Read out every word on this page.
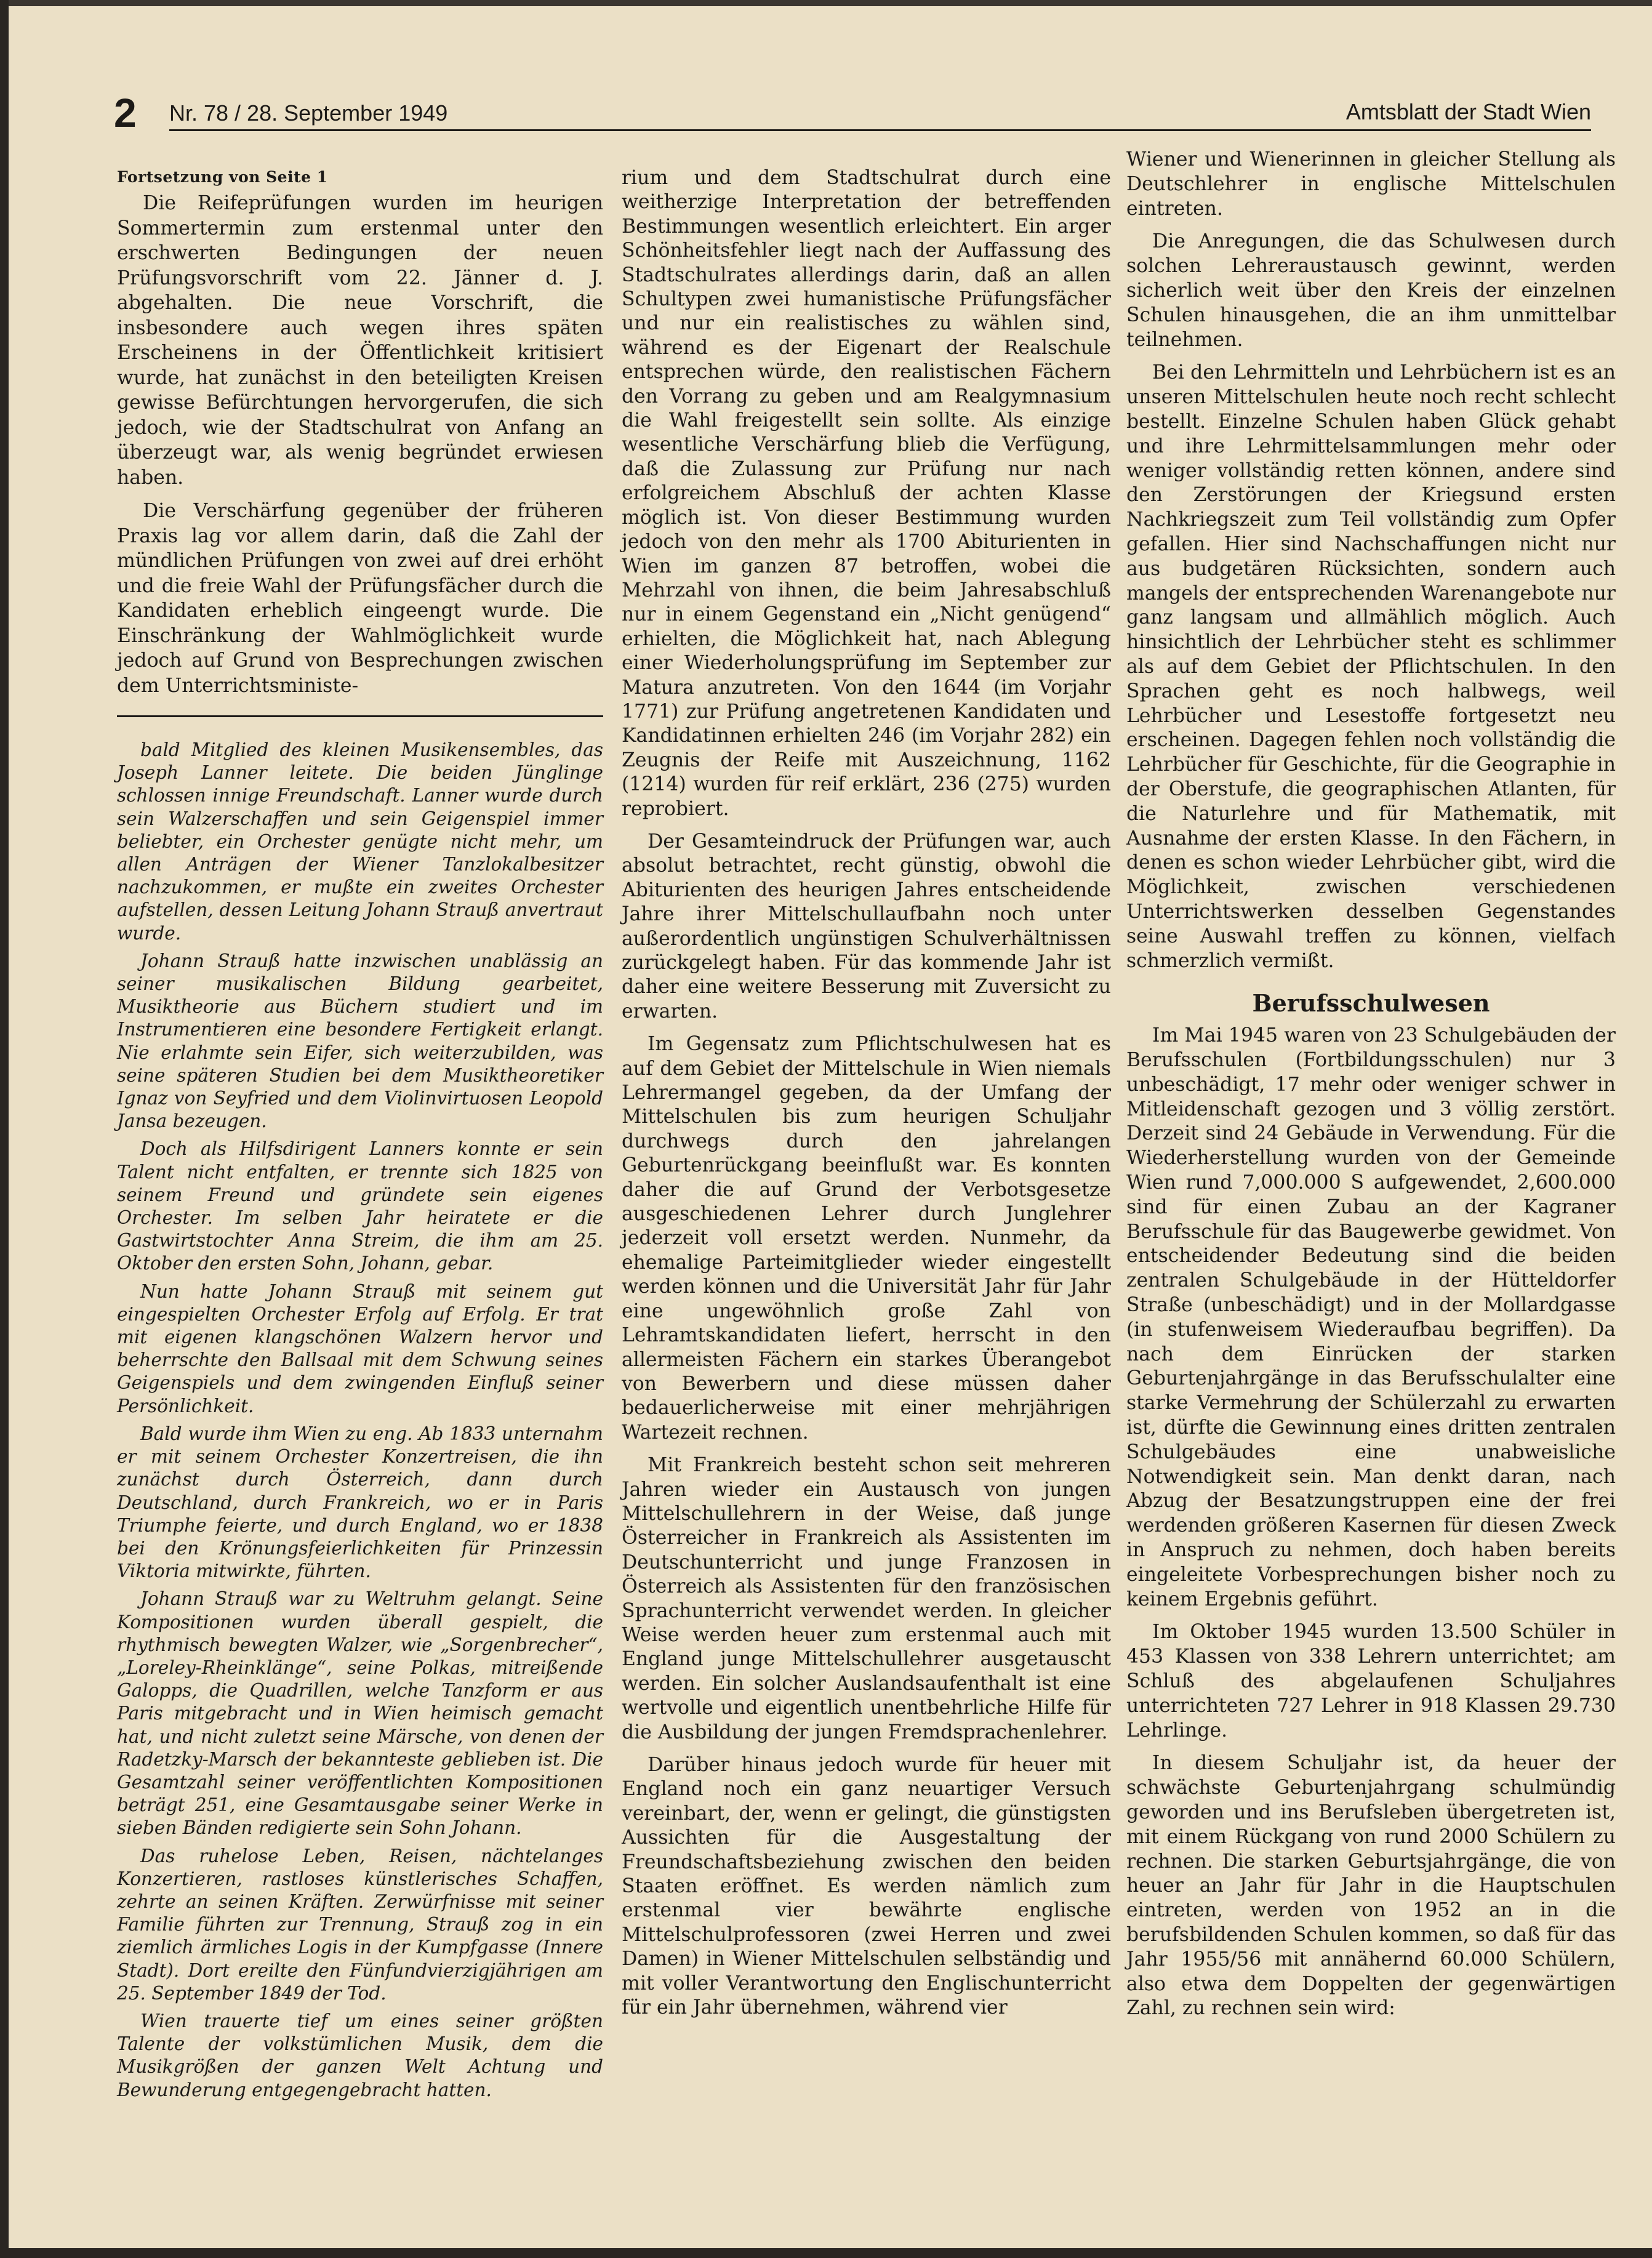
2 Nr. 78 / 28. September 1949	Amtsblatt der Stadt Wien
Fortsetzung von Seite 1

Die Reifeprüfungen wurden im heurigen Sommertermin zum erstenmal unter den erschwerten Bedingungen der neuen Prüfungsvorschrift vom 22. Jänner d. J. abgehalten. Die neue Vorschrift, die insbesondere auch wegen ihres späten Erscheinens in der Öffentlichkeit kritisiert wurde, hat zunächst in den beteiligten Kreisen gewisse Befürchtungen hervorgerufen, die sich jedoch, wie der Stadtschulrat von Anfang an überzeugt war, als wenig begründet erwiesen haben.

Die Verschärfung gegenüber der früheren Praxis lag vor allem darin, daß die Zahl der mündlichen Prüfungen von zwei auf drei erhöht und die freie Wahl der Prüfungsfächer durch die Kandidaten erheblich eingeengt wurde. Die Einschränkung der Wahlmöglichkeit wurde jedoch auf Grund von Besprechungen zwischen dem Unterrichtsministe-

bald Mitglied des kleinen Musikensembles, das Joseph Lanner leitete. Die beiden Jünglinge schlossen innige Freundschaft. Lanner wurde durch sein Walzerschaffen und sein Geigenspiel immer beliebter, ein Orchester genügte nicht mehr, um allen Anträgen der Wiener Tanzlokalbesitzer nachzukommen, er mußte ein zweites Orchester aufstellen, dessen Leitung Johann Strauß anvertraut wurde.

Johann Strauß hatte inzwischen unablässig an seiner musikalischen Bildung gearbeitet, Musiktheorie aus Büchern studiert und im Instrumentieren eine besondere Fertigkeit erlangt. Nie erlahmte sein Eifer, sich weiterzubilden, was seine späteren Studien bei dem Musiktheoretiker Ignaz von Seyfried und dem Violinvirtuosen Leopold Jansa bezeugen.

Doch als Hilfsdirigent Lanners konnte er sein Talent nicht entfalten, er trennte sich 1825 von seinem Freund und gründete sein eigenes Orchester. Im selben Jahr heiratete er die Gastwirtstochter Anna Streim, die ihm am 25. Oktober den ersten Sohn, Johann, gebar.

Nun hatte Johann Strauß mit seinem gut eingespielten Orchester Erfolg auf Erfolg. Er trat mit eigenen klangschönen Walzern hervor und beherrschte den Ballsaal mit dem Schwung seines Geigenspiels und dem zwingenden Einfluß seiner Persönlichkeit.

Bald wurde ihm Wien zu eng. Ab 1833 unternahm er mit seinem Orchester Konzertreisen, die ihn zunächst durch Österreich, dann durch Deutschland, durch Frankreich, wo er in Paris Triumphe feierte, und durch England, wo er 1838 bei den Krönungsfeierlichkeiten für Prinzessin Viktoria mitwirkte, führten.

Johann Strauß war zu Weltruhm gelangt. Seine Kompositionen wurden überall gespielt, die rhythmisch bewegten Walzer, wie „Sorgenbrecher“, „Loreley-Rheinklänge“, seine Polkas, mitreißende Galopps, die Quadrillen, welche Tanzform er aus Paris mitgebracht und in Wien heimisch gemacht hat, und nicht zuletzt seine Märsche, von denen der Radetzky-Marsch der bekannteste geblieben ist. Die Gesamtzahl seiner veröffentlichten Kompositionen beträgt 251, eine Gesamtausgabe seiner Werke in sieben Bänden redigierte sein Sohn Johann.

Das ruhelose Leben, Reisen, nächtelanges Konzertieren, rastloses künstlerisches Schaffen, zehrte an seinen Kräften. Zerwürfnisse mit seiner Familie führten zur Trennung, Strauß zog in ein ziemlich ärmliches Logis in der Kumpfgasse (Innere Stadt). Dort ereilte den Fünfundvierzigjährigen am 25. September 1849 der Tod.

Wien trauerte tief um eines seiner größten Talente der volkstümlichen Musik, dem die Musikgrößen der ganzen Welt Achtung und Bewunderung entgegengebracht hatten.

rium und dem Stadtschulrat durch eine weitherzige Interpretation der betreffenden Bestimmungen wesentlich erleichtert. Ein arger Schönheitsfehler liegt nach der Auffassung des Stadtschulrates allerdings darin, daß an allen Schultypen zwei humanistische Prüfungsfächer und nur ein realistisches zu wählen sind, während es der Eigenart der Realschule entsprechen würde, den realistischen Fächern den Vorrang zu geben und am Realgymnasium die Wahl freigestellt sein sollte. Als einzige wesentliche Verschärfung blieb die Verfügung, daß die Zulassung zur Prüfung nur nach erfolgreichem Abschluß der achten Klasse möglich ist. Von dieser Bestimmung wurden jedoch von den mehr als 1700 Abiturienten in Wien im ganzen 87 betroffen, wobei die Mehrzahl von ihnen, die beim Jahresabschluß nur in einem Gegenstand ein „Nicht genügend“ erhielten, die Möglichkeit hat, nach Ablegung einer Wiederholungsprüfung im September zur Matura anzutreten. Von den 1644 (im Vorjahr 1771) zur Prüfung angetretenen Kandidaten und Kandidatinnen erhielten 246 (im Vorjahr 282) ein Zeugnis der Reife mit Auszeichnung, 1162 (1214) wurden für reif erklärt, 236 (275) wurden reprobiert.

Der Gesamteindruck der Prüfungen war, auch absolut betrachtet, recht günstig, obwohl die Abiturienten des heurigen Jahres entscheidende Jahre ihrer Mittelschullaufbahn noch unter außerordentlich ungünstigen Schulverhältnissen zurückgelegt haben. Für das kommende Jahr ist daher eine weitere Besserung mit Zuversicht zu erwarten.

Im Gegensatz zum Pflichtschulwesen hat es auf dem Gebiet der Mittelschule in Wien niemals Lehrermangel gegeben, da der Umfang der Mittelschulen bis zum heurigen Schuljahr durchwegs durch den jahrelangen Geburtenrückgang beeinflußt war. Es konnten daher die auf Grund der Verbotsgesetze ausgeschiedenen Lehrer durch Junglehrer jederzeit voll ersetzt werden. Nunmehr, da ehemalige Parteimitglieder wieder eingestellt werden können und die Universität Jahr für Jahr eine ungewöhnlich große Zahl von Lehramtskandidaten liefert, herrscht in den allermeisten Fächern ein starkes Überangebot von Bewerbern und diese müssen daher bedauerlicherweise mit einer mehrjährigen Wartezeit rechnen.

Mit Frankreich besteht schon seit mehreren Jahren wieder ein Austausch von jungen Mittelschullehrern in der Weise, daß junge Österreicher in Frankreich als Assistenten im Deutschunterricht und junge Franzosen in Österreich als Assistenten für den französischen Sprachunterricht verwendet werden. In gleicher Weise werden heuer zum erstenmal auch mit England junge Mittelschullehrer ausgetauscht werden. Ein solcher Auslandsaufenthalt ist eine wertvolle und eigentlich unentbehrliche Hilfe für die Ausbildung der jungen Fremdsprachenlehrer.

Darüber hinaus jedoch wurde für heuer mit England noch ein ganz neuartiger Versuch vereinbart, der, wenn er gelingt, die günstigsten Aussichten für die Ausgestaltung der Freundschaftsbeziehung zwischen den beiden Staaten eröffnet. Es werden nämlich zum erstenmal vier bewährte englische Mittelschulprofessoren (zwei Herren und zwei Damen) in Wiener Mittelschulen selbständig und mit voller Verantwortung den Englischunterricht für ein Jahr übernehmen, während vier

Wiener und Wienerinnen in gleicher Stellung als Deutschlehrer in englische Mittelschulen eintreten.

Die Anregungen, die das Schulwesen durch solchen Lehreraustausch gewinnt, werden sicherlich weit über den Kreis der einzelnen Schulen hinausgehen, die an ihm unmittelbar teilnehmen.

Bei den Lehrmitteln und Lehrbüchern ist es an unseren Mittelschulen heute noch recht schlecht bestellt. Einzelne Schulen haben Glück gehabt und ihre Lehrmittelsammlungen mehr oder weniger vollständig retten können, andere sind den Zerstörungen der Kriegsund ersten Nachkriegszeit zum Teil vollständig zum Opfer gefallen. Hier sind Nachschaffungen nicht nur aus budgetären Rücksichten, sondern auch mangels der entsprechenden Warenangebote nur ganz langsam und allmählich möglich. Auch hinsichtlich der Lehrbücher steht es schlimmer als auf dem Gebiet der Pflichtschulen. In den Sprachen geht es noch halbwegs, weil Lehrbücher und Lesestoffe fortgesetzt neu erscheinen. Dagegen fehlen noch vollständig die Lehrbücher für Geschichte, für die Geographie in der Oberstufe, die geographischen Atlanten, für die Naturlehre und für Mathematik, mit Ausnahme der ersten Klasse. In den Fächern, in denen es schon wieder Lehrbücher gibt, wird die Möglichkeit, zwischen verschiedenen Unterrichtswerken desselben Gegenstandes seine Auswahl treffen zu können, vielfach schmerzlich vermißt.

Berufsschulwesen

Im Mai 1945 waren von 23 Schulgebäuden der Berufsschulen (Fortbildungsschulen) nur 3 unbeschädigt, 17 mehr oder weniger schwer in Mitleidenschaft gezogen und 3 völlig zerstört. Derzeit sind 24 Gebäude in Verwendung. Für die Wiederherstellung wurden von der Gemeinde Wien rund 7,000.000 S aufgewendet, 2,600.000 sind für einen Zubau an der Kagraner Berufsschule für das Baugewerbe gewidmet. Von entscheidender Bedeutung sind die beiden zentralen Schulgebäude in der Hütteldorfer Straße (unbeschädigt) und in der Mollardgasse (in stufenweisem Wiederaufbau begriffen). Da nach dem Einrücken der starken Geburtenjahrgänge in das Berufsschulalter eine starke Vermehrung der Schülerzahl zu erwarten ist, dürfte die Gewinnung eines dritten zentralen Schulgebäudes eine unabweisliche Notwendigkeit sein. Man denkt daran, nach Abzug der Besatzungstruppen eine der frei werdenden größeren Kasernen für diesen Zweck in Anspruch zu nehmen, doch haben bereits eingeleitete Vorbesprechungen bisher noch zu keinem Ergebnis geführt.

Im Oktober 1945 wurden 13.500 Schüler in 453 Klassen von 338 Lehrern unterrichtet; am Schluß des abgelaufenen Schuljahres unterrichteten 727 Lehrer in 918 Klassen 29.730 Lehrlinge.

In diesem Schuljahr ist, da heuer der schwächste Geburtenjahrgang schulmündig geworden und ins Berufsleben übergetreten ist, mit einem Rückgang von rund 2000 Schülern zu rechnen. Die starken Geburtsjahrgänge, die von heuer an Jahr für Jahr in die Hauptschulen eintreten, werden von 1952 an in die berufsbildenden Schulen kommen, so daß für das Jahr 1955/56 mit annähernd 60.000 Schülern, also etwa dem Doppelten der gegenwärtigen Zahl, zu rechnen sein wird:
